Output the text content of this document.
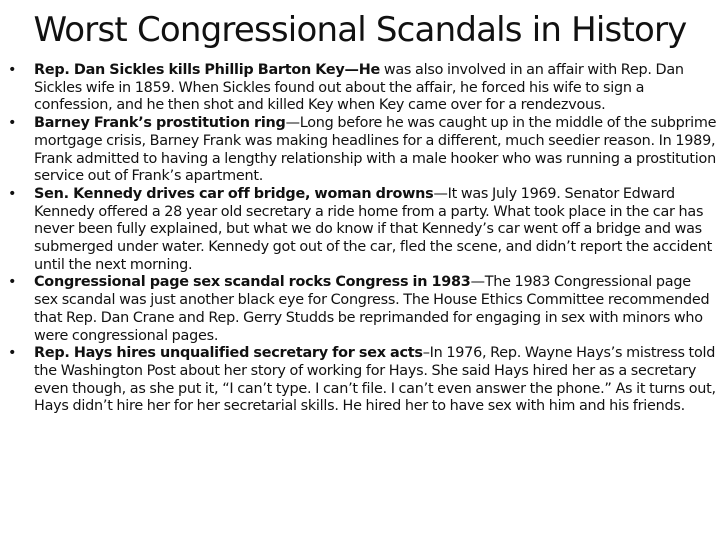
Worst Congressional Scandals in History
•	Rep. Dan Sickles kills Phillip Barton Key—He was also involved in an affair with Rep. Dan Sickles wife in 1859. When Sickles found out about the affair, he forced his wife to sign a confession, and he then shot and killed Key when Key came over for a rendezvous.
•	Barney Frank’s prostitution ring—Long before he was caught up in the middle of the subprime mortgage crisis, Barney Frank was making headlines for a different, much seedier reason. In 1989, Frank admitted to having a lengthy relationship with a male hooker who was running a prostitution service out of Frank’s apartment.
•	Sen. Kennedy drives car off bridge, woman drowns—It was July 1969. Senator Edward Kennedy offered a 28 year old secretary a ride home from a party. What took place in the car has never been fully explained, but what we do know if that Kennedy’s car went off a bridge and was submerged under water. Kennedy got out of the car, fled the scene, and didn’t report the accident until the next morning.
•	Congressional page sex scandal rocks Congress in 1983—The 1983 Congressional page sex scandal was just another black eye for Congress. The House Ethics Committee recommended that Rep. Dan Crane and Rep. Gerry Studds be reprimanded for engaging in sex with minors who were congressional pages.
•	Rep. Hays hires unqualified secretary for sex acts–In 1976, Rep. Wayne Hays’s mistress told the Washington Post about her story of working for Hays. She said Hays hired her as a secretary even though, as she put it, “I can’t type. I can’t file. I can’t even answer the phone.” As it turns out, Hays didn’t hire her for her secretarial skills. He hired her to have sex with him and his friends.
